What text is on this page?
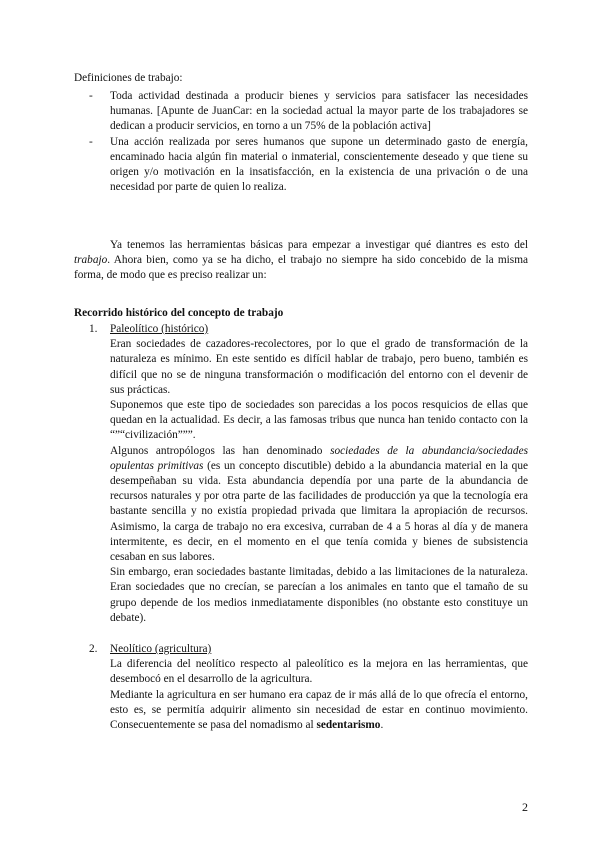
Definiciones de trabajo:
- Toda actividad destinada a producir bienes y servicios para satisfacer las necesidades humanas. [Apunte de JuanCar: en la sociedad actual la mayor parte de los trabajadores se dedican a producir servicios, en torno a un 75% de la población activa]
- Una acción realizada por seres humanos que supone un determinado gasto de energía, encaminado hacia algún fin material o inmaterial, conscientemente deseado y que tiene su origen y/o motivación en la insatisfacción, en la existencia de una privación o de una necesidad por parte de quien lo realiza.
Ya tenemos las herramientas básicas para empezar a investigar qué diantres es esto del trabajo. Ahora bien, como ya se ha dicho, el trabajo no siempre ha sido concebido de la misma forma, de modo que es preciso realizar un:
Recorrido histórico del concepto de trabajo
1. Paleolítico (histórico)
Eran sociedades de cazadores-recolectores, por lo que el grado de transformación de la naturaleza es mínimo. En este sentido es difícil hablar de trabajo, pero bueno, también es difícil que no se de ninguna transformación o modificación del entorno con el devenir de sus prácticas.
Suponemos que este tipo de sociedades son parecidas a los pocos resquicios de ellas que quedan en la actualidad. Es decir, a las famosas tribus que nunca han tenido contacto con la “”“civilización”””.
Algunos antropólogos las han denominado sociedades de la abundancia/sociedades opulentas primitivas (es un concepto discutible) debido a la abundancia material en la que desempeñaban su vida. Esta abundancia dependía por una parte de la abundancia de recursos naturales y por otra parte de las facilidades de producción ya que la tecnología era bastante sencilla y no existía propiedad privada que limitara la apropiación de recursos. Asimismo, la carga de trabajo no era excesiva, curraban de 4 a 5 horas al día y de manera intermitente, es decir, en el momento en el que tenía comida y bienes de subsistencia cesaban en sus labores.
Sin embargo, eran sociedades bastante limitadas, debido a las limitaciones de la naturaleza. Eran sociedades que no crecían, se parecían a los animales en tanto que el tamaño de su grupo depende de los medios inmediatamente disponibles (no obstante esto constituye un debate).
2. Neolítico (agricultura)
La diferencia del neolítico respecto al paleolítico es la mejora en las herramientas, que desembocó en el desarrollo de la agricultura.
Mediante la agricultura en ser humano era capaz de ir más allá de lo que ofrecía el entorno, esto es, se permitía adquirir alimento sin necesidad de estar en continuo movimiento. Consecuentemente se pasa del nomadismo al sedentarismo.
2
